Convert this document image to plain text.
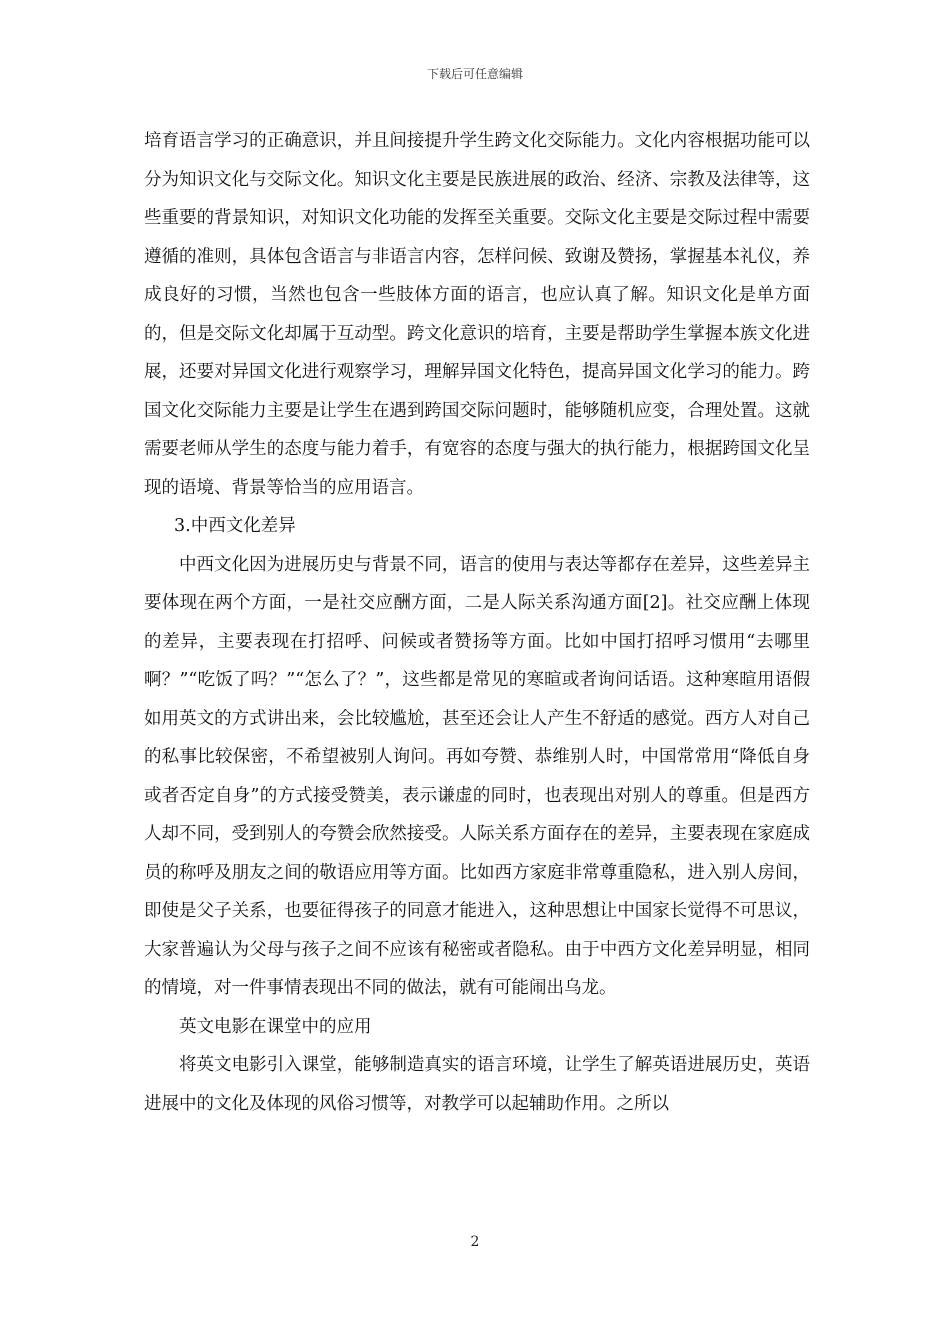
下载后可任意编辑

培育语言学习的正确意识，并且间接提升学生跨文化交际能力。文化内容根据功能可以分为知识文化与交际文化。知识文化主要是民族进展的政治、经济、宗教及法律等，这些重要的背景知识，对知识文化功能的发挥至关重要。交际文化主要是交际过程中需要遵循的准则，具体包含语言与非语言内容，怎样问候、致谢及赞扬，掌握基本礼仪，养成良好的习惯，当然也包含一些肢体方面的语言，也应认真了解。知识文化是单方面的，但是交际文化却属于互动型。跨文化意识的培育，主要是帮助学生掌握本族文化进展，还要对异国文化进行观察学习，理解异国文化特色，提高异国文化学习的能力。跨国文化交际能力主要是让学生在遇到跨国交际问题时，能够随机应变，合理处置。这就需要老师从学生的态度与能力着手，有宽容的态度与强大的执行能力，根据跨国文化呈现的语境、背景等恰当的应用语言。

3.中西文化差异

中西文化因为进展历史与背景不同，语言的使用与表达等都存在差异，这些差异主要体现在两个方面，一是社交应酬方面，二是人际关系沟通方面[2]。社交应酬上体现的差异，主要表现在打招呼、问候或者赞扬等方面。比如中国打招呼习惯用“去哪里啊？”“吃饭了吗？”“怎么了？”，这些都是常见的寒暄或者询问话语。这种寒暄用语假如用英文的方式讲出来，会比较尴尬，甚至还会让人产生不舒适的感觉。西方人对自己的私事比较保密，不希望被别人询问。再如夸赞、恭维别人时，中国常常用“降低自身或者否定自身”的方式接受赞美，表示谦虚的同时，也表现出对别人的尊重。但是西方人却不同，受到别人的夸赞会欣然接受。人际关系方面存在的差异，主要表现在家庭成员的称呼及朋友之间的敬语应用等方面。比如西方家庭非常尊重隐私，进入别人房间，即使是父子关系，也要征得孩子的同意才能进入，这种思想让中国家长觉得不可思议，大家普遍认为父母与孩子之间不应该有秘密或者隐私。由于中西方文化差异明显，相同的情境，对一件事情表现出不同的做法，就有可能闹出乌龙。

英文电影在课堂中的应用

将英文电影引入课堂，能够制造真实的语言环境，让学生了解英语进展历史，英语进展中的文化及体现的风俗习惯等，对教学可以起辅助作用。之所以

2
